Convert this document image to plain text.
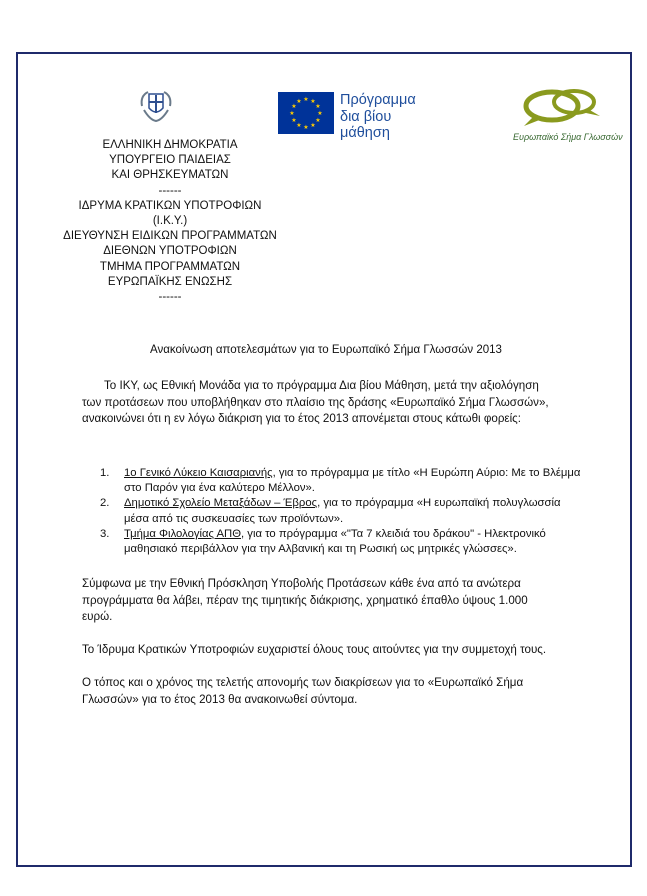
★ ★
★
★
★
★
★
★
★
★
★
★	Πρόγραμμα
δια βίου
μάθηση	Ευρωπαϊκό Σήμα Γλωσσών
ΕΛΛΗΝΙΚΗ ΔΗΜΟΚΡΑΤΙΑ
ΥΠΟΥΡΓΕΙΟ ΠΑΙΔΕΙΑΣ
ΚΑΙ ΘΡΗΣΚΕΥΜΑΤΩΝ
------
ΙΔΡΥΜΑ ΚΡΑΤΙΚΩΝ ΥΠΟΤΡΟΦΙΩΝ
(Ι.Κ.Υ.)
ΔΙΕΥΘΥΝΣΗ ΕΙΔΙΚΩΝ ΠΡΟΓΡΑΜΜΑΤΩΝ
ΔΙΕΘΝΩΝ ΥΠΟΤΡΟΦΙΩΝ
ΤΜΗΜΑ ΠΡΟΓΡΑΜΜΑΤΩΝ
ΕΥΡΩΠΑΪΚΗΣ ΕΝΩΣΗΣ
------
Ανακοίνωση αποτελεσμάτων για το Ευρωπαϊκό Σήμα Γλωσσών 2013
Το ΙΚΥ, ως Εθνική Μονάδα για το πρόγραμμα Δια βίου Μάθηση, μετά την αξιολόγηση
των προτάσεων που υποβλήθηκαν στο πλαίσιο της δράσης «Ευρωπαϊκό Σήμα Γλωσσών»,
ανακοινώνει ότι η εν λόγω διάκριση για το έτος 2013 απονέμεται στους κάτωθι φορείς:
1. 1ο Γενικό Λύκειο Καισαριανής, για το πρόγραμμα με τίτλο «Η Ευρώπη Αύριο: Με το Βλέμμα
στο Παρόν για ένα καλύτερο Μέλλον».
2. Δημοτικό Σχολείο Μεταξάδων – Έβρος, για το πρόγραμμα «Η ευρωπαϊκή πολυγλωσσία
μέσα από τις συσκευασίες των προϊόντων».
3. Τμήμα Φιλολογίας ΑΠΘ, για το πρόγραμμα «"Τα 7 κλειδιά του δράκου" - Ηλεκτρονικό
μαθησιακό περιβάλλον για την Αλβανική και τη Ρωσική ως μητρικές γλώσσες».
Σύμφωνα με την Εθνική Πρόσκληση Υποβολής Προτάσεων κάθε ένα από τα ανώτερα
προγράμματα θα λάβει, πέραν της τιμητικής διάκρισης, χρηματικό έπαθλο ύψους 1.000
ευρώ.
Το Ίδρυμα Κρατικών Υποτροφιών ευχαριστεί όλους τους αιτούντες για την συμμετοχή τους.
Ο τόπος και ο χρόνος της τελετής απονομής των διακρίσεων για το «Ευρωπαϊκό Σήμα
Γλωσσών» για το έτος 2013 θα ανακοινωθεί σύντομα.
